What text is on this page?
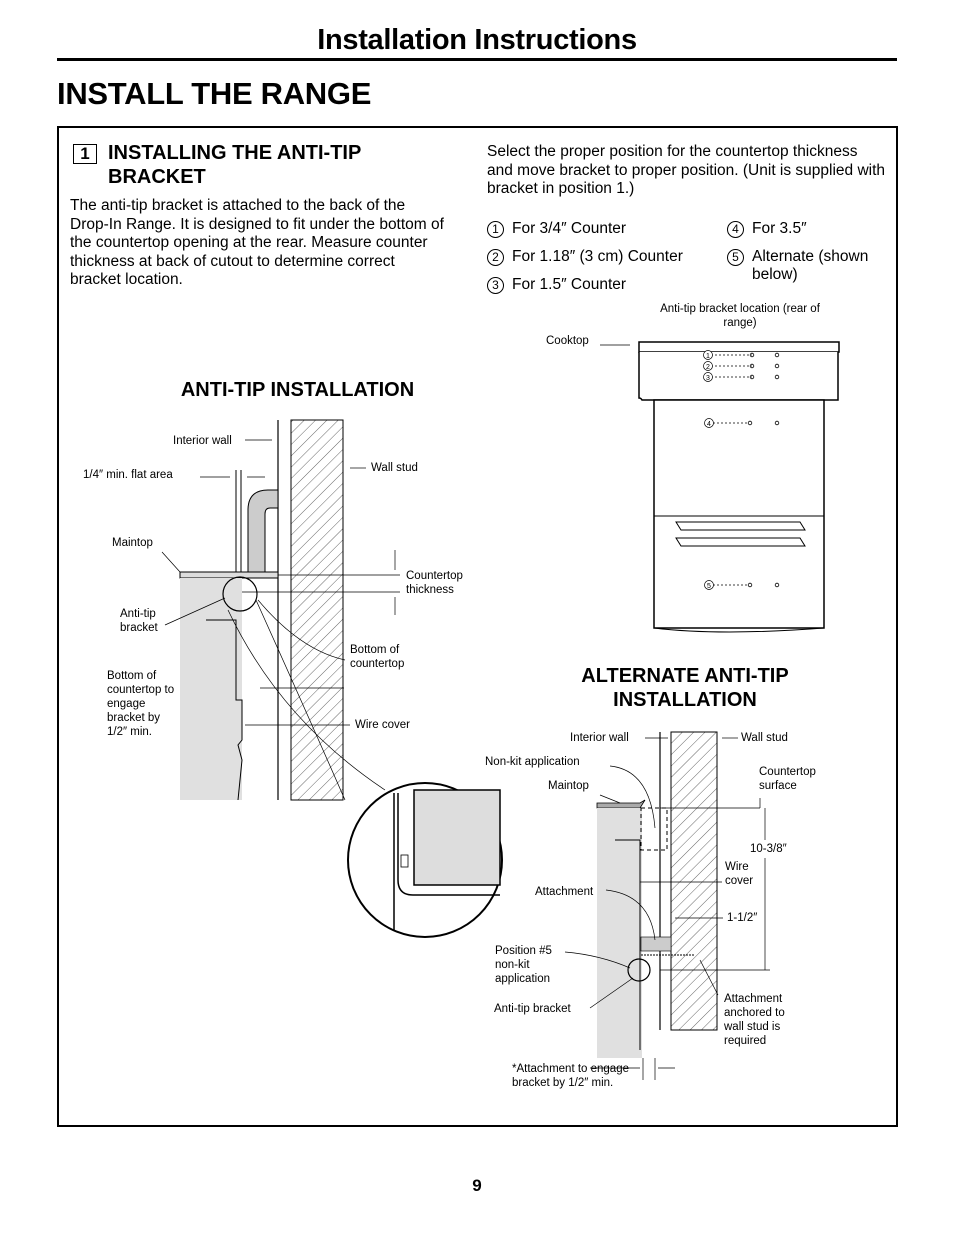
Installation Instructions
INSTALL THE RANGE
1 INSTALLING THE ANTI-TIP BRACKET
The anti-tip bracket is attached to the back of the Drop-In Range. It is designed to fit under the bottom of the countertop opening at the rear. Measure counter thickness at back of cutout to determine correct bracket location.
Select the proper position for the countertop thickness and move bracket to proper position. (Unit is supplied with bracket in position 1.)
1 For 3/4″ Counter
2 For 1.18″ (3 cm) Counter
3 For 1.5″ Counter
4 For 3.5″
5 Alternate (shown below)
1
2
3
4
5
ANTI-TIP INSTALLATION
ALTERNATE ANTI-TIP INSTALLATION
Anti-tip bracket location (rear of range)
Cooktop
Interior wall
1/4″ min. flat area
Wall stud
Maintop
Countertop thickness
Anti-tip bracket
Bottom of countertop
Bottom of countertop to engage bracket by 1/2″ min.
Wire cover
Interior wall	Wall stud
Non-kit application
Countertop surface
Maintop
10-3/8″
Wire cover
Attachment
1-1/2″
Position #5 non-kit application
Anti-tip bracket
Attachment anchored to wall stud is required
*Attachment to engage bracket by 1/2″ min.
9
